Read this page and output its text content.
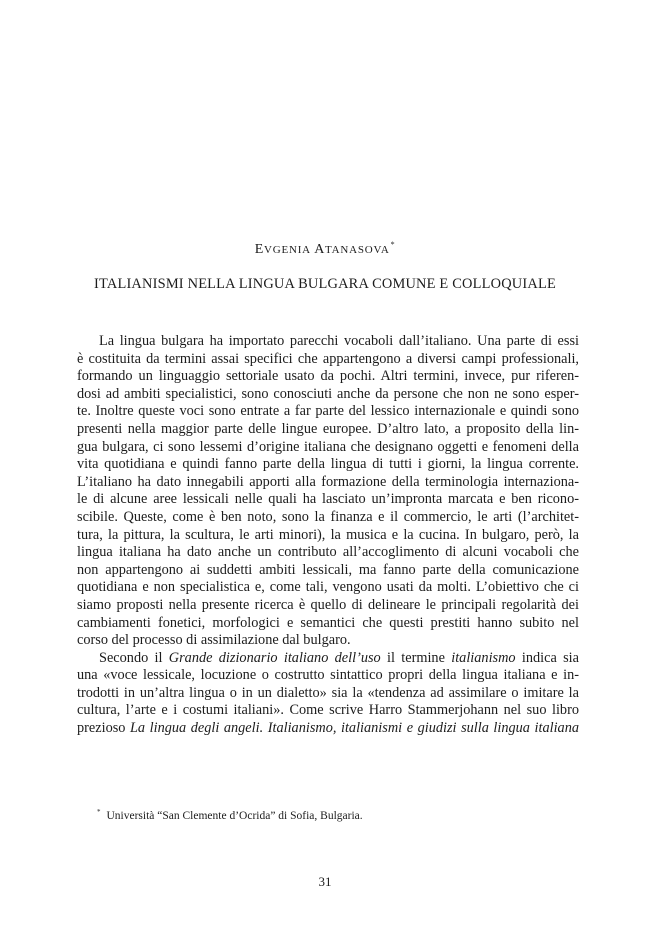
EVGENIA ATANASOVA*
ITALIANISMI NELLA LINGUA BULGARA COMUNE E COLLOQUIALE
La lingua bulgara ha importato parecchi vocaboli dall’italiano. Una parte di essi
è costituita da termini assai specifici che appartengono a diversi campi professionali,
formando un linguaggio settoriale usato da pochi. Altri termini, invece, pur riferen-
dosi ad ambiti specialistici, sono conosciuti anche da persone che non ne sono esper-
te. Inoltre queste voci sono entrate a far parte del lessico internazionale e quindi sono
presenti nella maggior parte delle lingue europee. D’altro lato, a proposito della lin-
gua bulgara, ci sono lessemi d’origine italiana che designano oggetti e fenomeni della
vita quotidiana e quindi fanno parte della lingua di tutti i giorni, la lingua corrente.
L’italiano ha dato innegabili apporti alla formazione della terminologia internaziona-
le di alcune aree lessicali nelle quali ha lasciato un’impronta marcata e ben ricono-
scibile. Queste, come è ben noto, sono la finanza e il commercio, le arti (l’architet-
tura, la pittura, la scultura, le arti minori), la musica e la cucina. In bulgaro, però, la
lingua italiana ha dato anche un contributo all’accoglimento di alcuni vocaboli che
non appartengono ai suddetti ambiti lessicali, ma fanno parte della comunicazione
quotidiana e non specialistica e, come tali, vengono usati da molti. L’obiettivo che ci
siamo proposti nella presente ricerca è quello di delineare le principali regolarità dei
cambiamenti fonetici, morfologici e semantici che questi prestiti hanno subito nel
corso del processo di assimilazione dal bulgaro.
Secondo il Grande dizionario italiano dell’uso il termine italianismo indica sia
una «voce lessicale, locuzione o costrutto sintattico propri della lingua italiana e in-
trodotti in un’altra lingua o in un dialetto» sia la «tendenza ad assimilare o imitare la
cultura, l’arte e i costumi italiani». Come scrive Harro Stammerjohann nel suo libro
prezioso La lingua degli angeli. Italianismo, italianismi e giudizi sulla lingua italiana
* Università “San Clemente d’Ocrida” di Sofia, Bulgaria.
31
